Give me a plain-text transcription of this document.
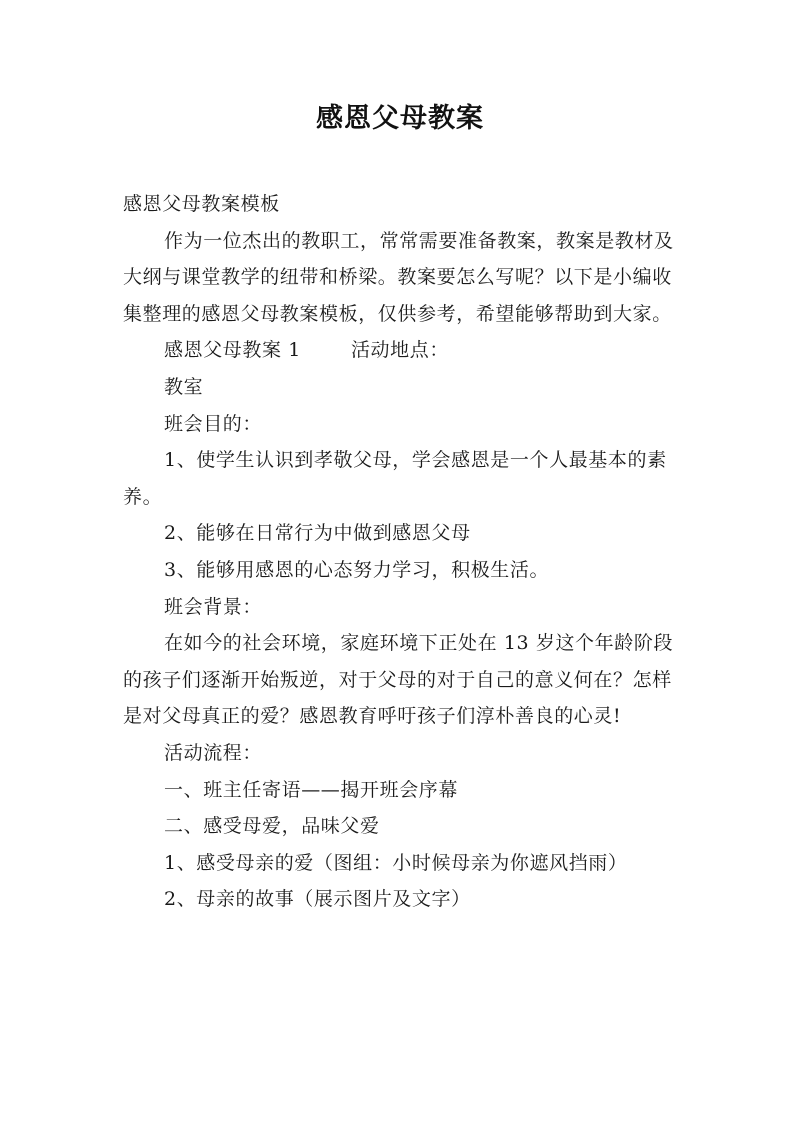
感恩父母教案

感恩父母教案模板

作为一位杰出的教职工，常常需要准备教案，教案是教材及大纲与课堂教学的纽带和桥梁。教案要怎么写呢？以下是小编收集整理的感恩父母教案模板，仅供参考，希望能够帮助到大家。

感恩父母教案 1	活动地点：

教室

班会目的：

1、使学生认识到孝敬父母，学会感恩是一个人最基本的素养。

2、能够在日常行为中做到感恩父母

3、能够用感恩的心态努力学习，积极生活。

班会背景：

在如今的社会环境，家庭环境下正处在 13 岁这个年龄阶段的孩子们逐渐开始叛逆，对于父母的对于自己的意义何在？怎样是对父母真正的爱？感恩教育呼吁孩子们淳朴善良的心灵!

活动流程：

一、班主任寄语——揭开班会序幕

二、感受母爱，品味父爱

1、感受母亲的爱（图组：小时候母亲为你遮风挡雨）

2、母亲的故事（展示图片及文字）
